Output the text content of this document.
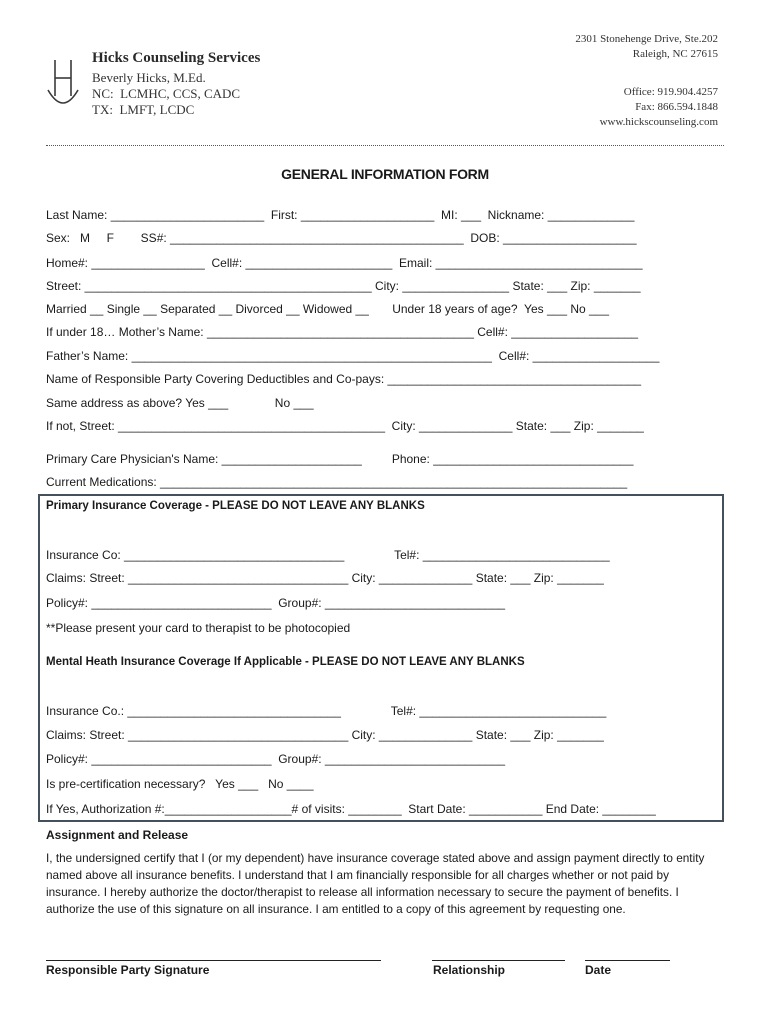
Hicks Counseling Services
Beverly Hicks, M.Ed.
NC:  LCMHC, CCS, CADC
TX:  LMFT, LCDC
2301 Stonehenge Drive, Ste.202
Raleigh, NC 27615
Office: 919.904.4257
Fax: 866.594.1848
www.hickscounseling.com
GENERAL INFORMATION FORM
Last Name: _______________________  First: ____________________  MI: ___  Nickname: _____________
Sex:   M     F        SS#: ____________________________________________  DOB: ____________________
Home#: _________________  Cell#: ______________________  Email: _______________________________
Street: ___________________________________________ City: ________________ State: ___ Zip: _______
Married __ Single __ Separated __ Divorced __ Widowed __       Under 18 years of age?  Yes ___ No ___
If under 18… Mother’s Name: ________________________________________ Cell#: ___________________
Father’s Name: ______________________________________________________  Cell#: ___________________
Name of Responsible Party Covering Deductibles and Co-pays: ______________________________________
Same address as above? Yes ___              No ___
If not, Street: ________________________________________  City: ______________ State: ___ Zip: _______
Primary Care Physician's Name: _____________________         Phone: ______________________________
Current Medications: ______________________________________________________________________
Primary Insurance Coverage - PLEASE DO NOT LEAVE ANY BLANKS
Insurance Co: _________________________________               Tel#: ____________________________
Claims: Street: _________________________________ City: ______________ State: ___ Zip: _______
Policy#: ___________________________  Group#: ___________________________
**Please present your card to therapist to be photocopied
Mental Heath Insurance Coverage If Applicable - PLEASE DO NOT LEAVE ANY BLANKS
Insurance Co.: ________________________________               Tel#: ____________________________
Claims: Street: _________________________________ City: ______________ State: ___ Zip: _______
Policy#: ___________________________  Group#: ___________________________
Is pre-certification necessary?   Yes ___   No ____
If Yes, Authorization #:___________________# of visits: ________  Start Date: ___________ End Date: ________
Assignment and Release
I, the undersigned certify that I (or my dependent) have insurance coverage stated above and assign payment directly to entity named above all insurance benefits. I understand that I am financially responsible for all charges whether or not paid by insurance. I hereby authorize the doctor/therapist to release all information necessary to secure the payment of benefits. I authorize the use of this signature on all insurance. I am entitled to a copy of this agreement by requesting one.
Responsible Party Signature	Relationship	Date
